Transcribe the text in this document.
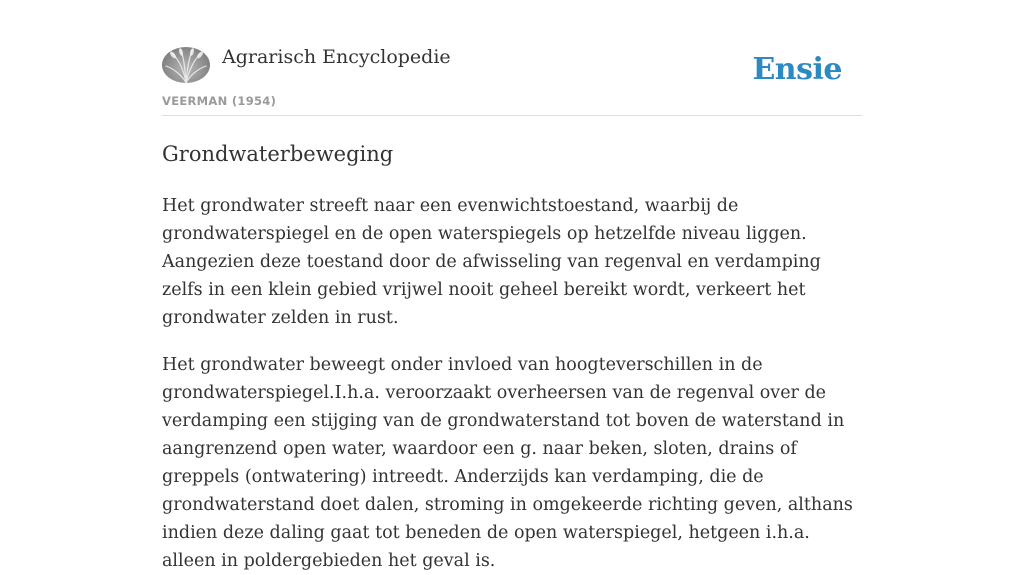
Agrarisch Encyclopedie
VEERMAN (1954)
Ensie
Grondwaterbeweging

Het grondwater streeft naar een evenwichtstoestand, waarbij de grondwaterspiegel en de open waterspiegels op hetzelfde niveau liggen. Aangezien deze toestand door de afwisseling van regenval en verdamping zelfs in een klein gebied vrijwel nooit geheel bereikt wordt, verkeert het grondwater zelden in rust.

Het grondwater beweegt onder invloed van hoogteverschillen in de grondwaterspiegel.I.h.a. veroorzaakt overheersen van de regenval over de verdamping een stijging van de grondwaterstand tot boven de waterstand in aangrenzend open water, waardoor een g. naar beken, sloten, drains of greppels (ontwatering) intreedt. Anderzijds kan verdamping, die de grondwaterstand doet dalen, stroming in omgekeerde richting geven, althans indien deze daling gaat tot beneden de open waterspiegel, hetgeen i.h.a. alleen in poldergebieden het geval is.
